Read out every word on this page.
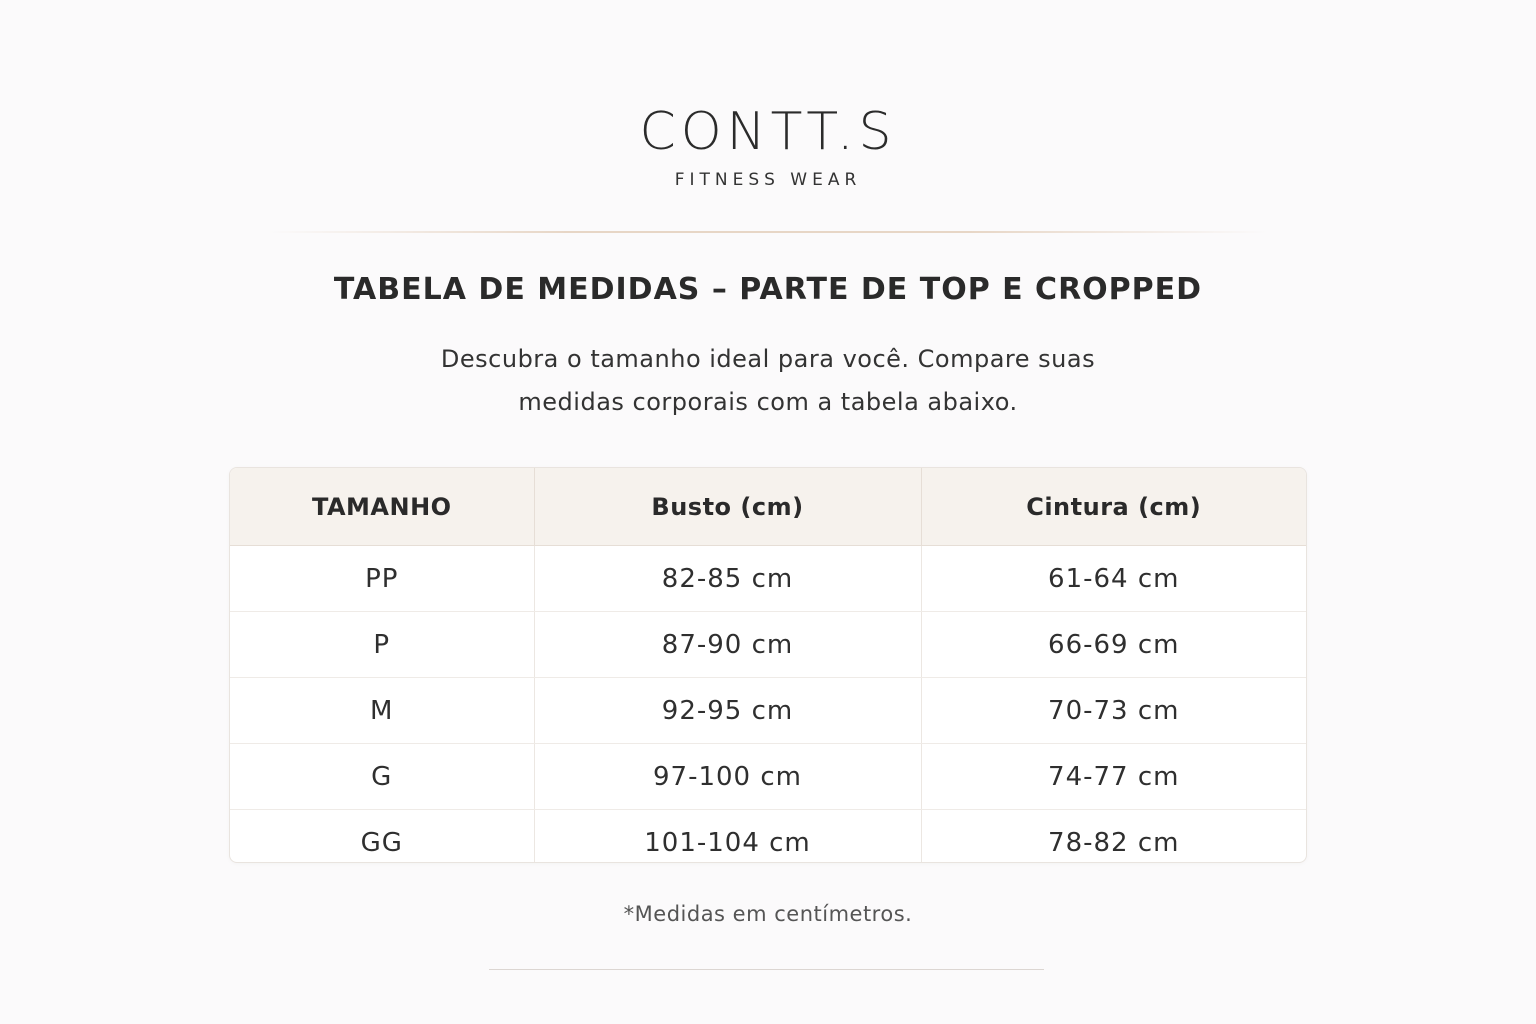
CONTT.S
FITNESS WEAR
TABELA DE MEDIDAS – PARTE DE TOP E CROPPED
Descubra o tamanho ideal para você. Compare suas
medidas corporais com a tabela abaixo.
TAMANHO	Busto (cm)	Cintura (cm)
PP	82-85 cm	61-64 cm
P	87-90 cm	66-69 cm
M	92-95 cm	70-73 cm
G	97-100 cm	74-77 cm
GG	101-104 cm	78-82 cm
*Medidas em centímetros.
